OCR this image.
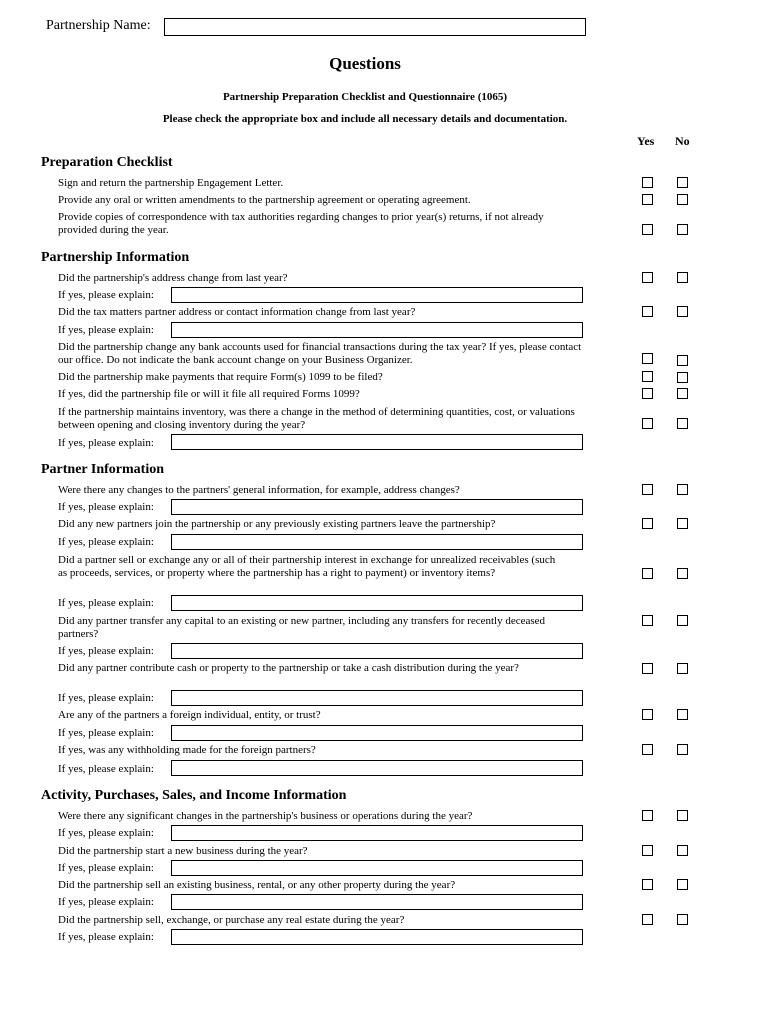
Partnership Name:
Questions
Partnership Preparation Checklist and Questionnaire (1065)
Please check the appropriate box and include all necessary details and documentation.
Yes No
Preparation Checklist
Partnership Information
Partner Information
Activity, Purchases, Sales, and Income Information
Sign and return the partnership Engagement Letter.
Provide any oral or written amendments to the partnership agreement or operating agreement.
Provide copies of correspondence with tax authorities regarding changes to prior year(s) returns, if not already provided during the year.
Did the partnership's address change from last year?
Did the tax matters partner address or contact information change from last year?
Did the partnership change any bank accounts used for financial transactions during the tax year? If yes, please contact our office. Do not indicate the bank account change on your Business Organizer.
Did the partnership make payments that require Form(s) 1099 to be filed?
If yes, did the partnership file or will it file all required Forms 1099?
If the partnership maintains inventory, was there a change in the method of determining quantities, cost, or valuations between opening and closing inventory during the year?
Were there any changes to the partners' general information, for example, address changes?
Did any new partners join the partnership or any previously existing partners leave the partnership?
Did a partner sell or exchange any or all of their partnership interest in exchange for unrealized receivables (such as proceeds, services, or property where the partnership has a right to payment) or inventory items?
Did any partner transfer any capital to an existing or new partner, including any transfers for recently deceased partners?
Did any partner contribute cash or property to the partnership or take a cash distribution during the year?
Are any of the partners a foreign individual, entity, or trust?
If yes, was any withholding made for the foreign partners?
Were there any significant changes in the partnership's business or operations during the year?
Did the partnership start a new business during the year?
Did the partnership sell an existing business, rental, or any other property during the year?
Did the partnership sell, exchange, or purchase any real estate during the year?
If yes, please explain:
If yes, please explain:
If yes, please explain:
If yes, please explain:
If yes, please explain:
If yes, please explain:
If yes, please explain:
If yes, please explain:
If yes, please explain:
If yes, please explain:
If yes, please explain:
If yes, please explain:
If yes, please explain:
If yes, please explain:
